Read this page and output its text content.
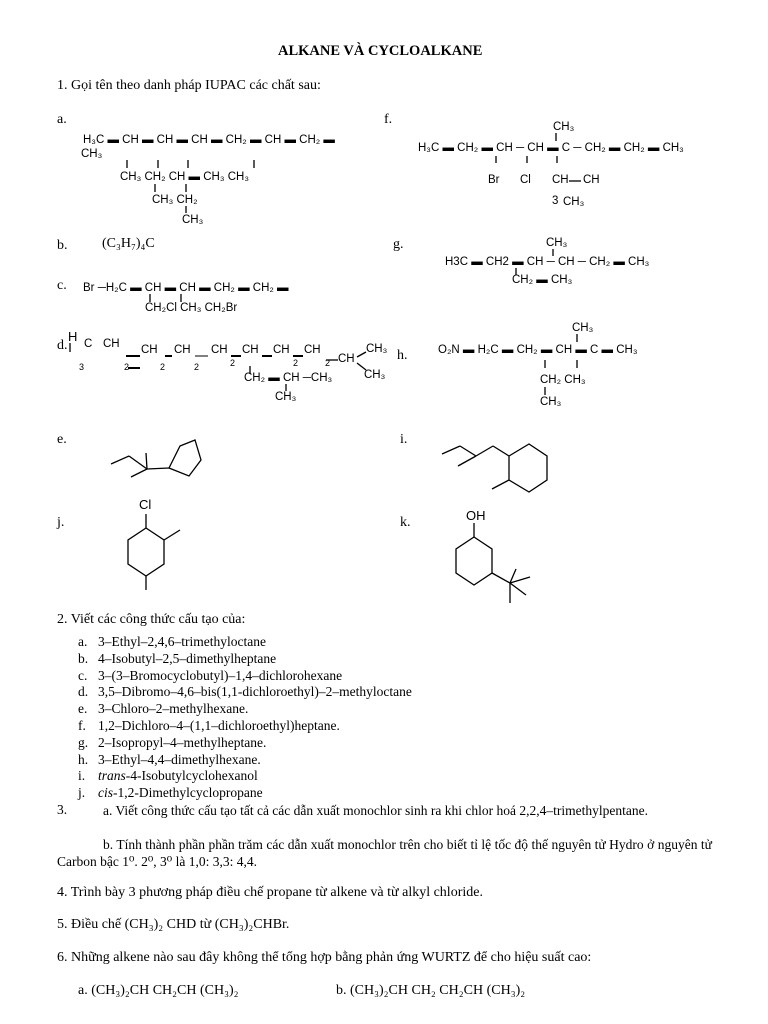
ALKANE VÀ CYCLOALKANE
1. Gọi tên theo danh pháp IUPAC các chất sau:
a.
H₃C ▬ CH ▬ CH ▬ CH ▬ CH₂ ▬ CH ▬ CH₂ ▬
CH₃
CH₃ CH₂ CH ▬ CH₃ CH₃
CH₃ CH₂
CH₃
b. (C₃H₇)₄C
c. Br ─H₂C ▬ CH ▬ CH ▬ CH₂ ▬ CH₂ ▬
CH₂Cl CH₃ CH₂Br
d.
H C CH
3
CH CH CH CH CH CH
2	2	2	2	2	2 CH
CH₃
CH₃
CH₂ ▬ CH ─CH₃
CH₃
e.
f.	CH₃
H₃C ▬ CH₂ ▬ CH ─ CH ▬ C ─ CH₂ ▬ CH₂ ▬ CH₃
Br Cl CH CH
3 CH₃
g.	CH₃
H3C ▬ CH2 ▬ CH ─ CH ─ CH₂ ▬ CH₃
CH₂ ▬ CH₃
CH₃
h.	O₂N ▬ H₂C ▬ CH₂ ▬ CH ▬ C ▬ CH₃
CH₂ CH₃
CH₃
i.
j.
Cl
k.	OH
2. Viết các công thức cấu tạo của:
a. 3–Ethyl–2,4,6–trimethyloctane
b. 4–Isobutyl–2,5–dimethylheptane
c. 3–(3–Bromocyclobutyl)–1,4–dichlorohexane
d. 3,5–Dibromo–4,6–bis(1,1-dichloroethyl)–2–methyloctane
e. 3–Chloro–2–methylhexane.
f. 1,2–Dichloro–4–(1,1–dichloroethyl)heptane.
g. 2–Isopropyl–4–methylheptane.
h. 3–Ethyl–4,4–dimethylhexane.
i. trans-4-Isobutylcyclohexanol
j. cis-1,2-Dimethylcyclopropane
3.	a. Viết công thức cấu tạo tất cả các dẫn xuất monochlor sinh ra khi chlor hoá 2,2,4–trimethylpentane.
b. Tính thành phần phần trăm các dẫn xuất monochlor trên cho biết tỉ lệ tốc độ thế nguyên tử Hydro ở nguyên tử Carbon bậc 1⁰. 2⁰, 3⁰ là 1,0: 3,3: 4,4.
4. Trình bày 3 phương pháp điều chế propane từ alkene và từ alkyl chloride.
5. Điều chế (CH₃)₂ CHD từ (CH₃)₂CHBr.
6. Những alkene nào sau đây không thể tổng hợp bằng phản ứng WURTZ để cho hiệu suất cao:
a. (CH₃)₂CH CH₂CH (CH₃)₂	b. (CH₃)₂CH CH₂ CH₂CH (CH₃)₂
